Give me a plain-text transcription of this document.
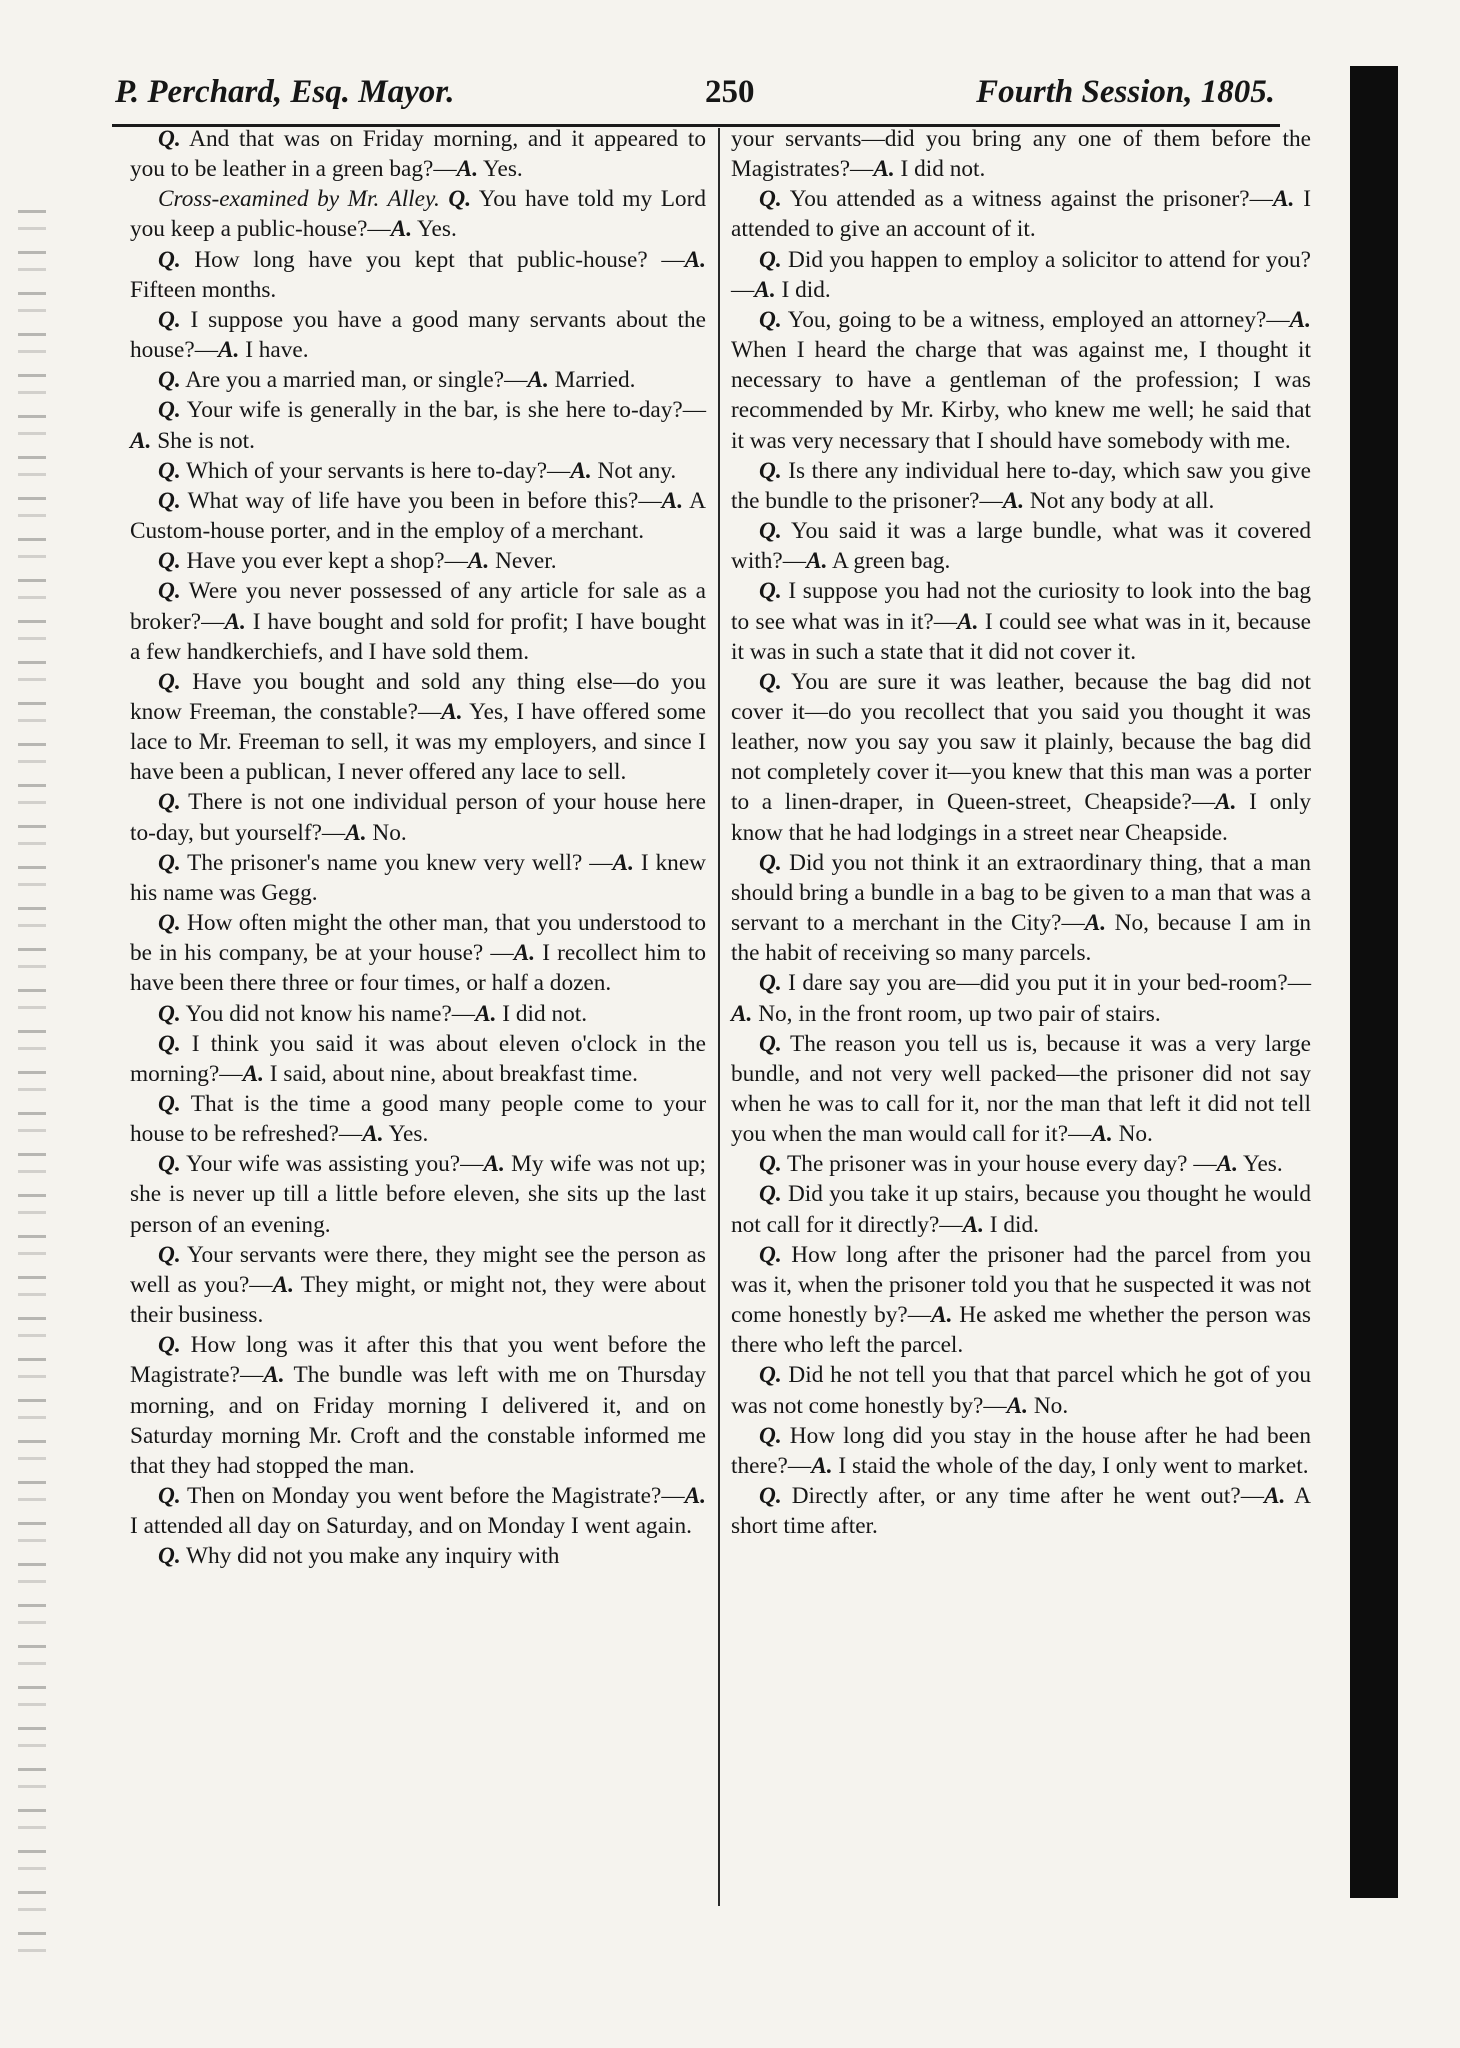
P. Perchard, Esq. Mayor.	250	Fourth Session, 1805.

Q. And that was on Friday morning, and it appeared to you to be leather in a green bag?—A. Yes.

Cross-examined by Mr. Alley. Q. You have told my Lord you keep a public-house?—A. Yes.

Q. How long have you kept that public-house? —A. Fifteen months.

Q. I suppose you have a good many servants about the house?—A. I have.

Q. Are you a married man, or single?—A. Married.

Q. Your wife is generally in the bar, is she here to-day?—A. She is not.

Q. Which of your servants is here to-day?—A. Not any.

Q. What way of life have you been in before this?—A. A Custom-house porter, and in the employ of a merchant.

Q. Have you ever kept a shop?—A. Never.

Q. Were you never possessed of any article for sale as a broker?—A. I have bought and sold for profit; I have bought a few handkerchiefs, and I have sold them.

Q. Have you bought and sold any thing else—do you know Freeman, the constable?—A. Yes, I have offered some lace to Mr. Freeman to sell, it was my employers, and since I have been a publican, I never offered any lace to sell.

Q. There is not one individual person of your house here to-day, but yourself?—A. No.

Q. The prisoner's name you knew very well? —A. I knew his name was Gegg.

Q. How often might the other man, that you understood to be in his company, be at your house? —A. I recollect him to have been there three or four times, or half a dozen.

Q. You did not know his name?—A. I did not.

Q. I think you said it was about eleven o'clock in the morning?—A. I said, about nine, about breakfast time.

Q. That is the time a good many people come to your house to be refreshed?—A. Yes.

Q. Your wife was assisting you?—A. My wife was not up; she is never up till a little before eleven, she sits up the last person of an evening.

Q. Your servants were there, they might see the person as well as you?—A. They might, or might not, they were about their business.

Q. How long was it after this that you went before the Magistrate?—A. The bundle was left with me on Thursday morning, and on Friday morning I delivered it, and on Saturday morning Mr. Croft and the constable informed me that they had stopped the man.

Q. Then on Monday you went before the Magistrate?—A. I attended all day on Saturday, and on Monday I went again.

Q. Why did not you make any inquiry with

your servants—did you bring any one of them before the Magistrates?—A. I did not.

Q. You attended as a witness against the prisoner?—A. I attended to give an account of it.

Q. Did you happen to employ a solicitor to attend for you?—A. I did.

Q. You, going to be a witness, employed an attorney?—A. When I heard the charge that was against me, I thought it necessary to have a gentleman of the profession; I was recommended by Mr. Kirby, who knew me well; he said that it was very necessary that I should have somebody with me.

Q. Is there any individual here to-day, which saw you give the bundle to the prisoner?—A. Not any body at all.

Q. You said it was a large bundle, what was it covered with?—A. A green bag.

Q. I suppose you had not the curiosity to look into the bag to see what was in it?—A. I could see what was in it, because it was in such a state that it did not cover it.

Q. You are sure it was leather, because the bag did not cover it—do you recollect that you said you thought it was leather, now you say you saw it plainly, because the bag did not completely cover it—you knew that this man was a porter to a linen-draper, in Queen-street, Cheapside?—A. I only know that he had lodgings in a street near Cheapside.

Q. Did you not think it an extraordinary thing, that a man should bring a bundle in a bag to be given to a man that was a servant to a merchant in the City?—A. No, because I am in the habit of receiving so many parcels.

Q. I dare say you are—did you put it in your bed-room?—A. No, in the front room, up two pair of stairs.

Q. The reason you tell us is, because it was a very large bundle, and not very well packed—the prisoner did not say when he was to call for it, nor the man that left it did not tell you when the man would call for it?—A. No.

Q. The prisoner was in your house every day? —A. Yes.

Q. Did you take it up stairs, because you thought he would not call for it directly?—A. I did.

Q. How long after the prisoner had the parcel from you was it, when the prisoner told you that he suspected it was not come honestly by?—A. He asked me whether the person was there who left the parcel.

Q. Did he not tell you that that parcel which he got of you was not come honestly by?—A. No.

Q. How long did you stay in the house after he had been there?—A. I staid the whole of the day, I only went to market.

Q. Directly after, or any time after he went out?—A. A short time after.
